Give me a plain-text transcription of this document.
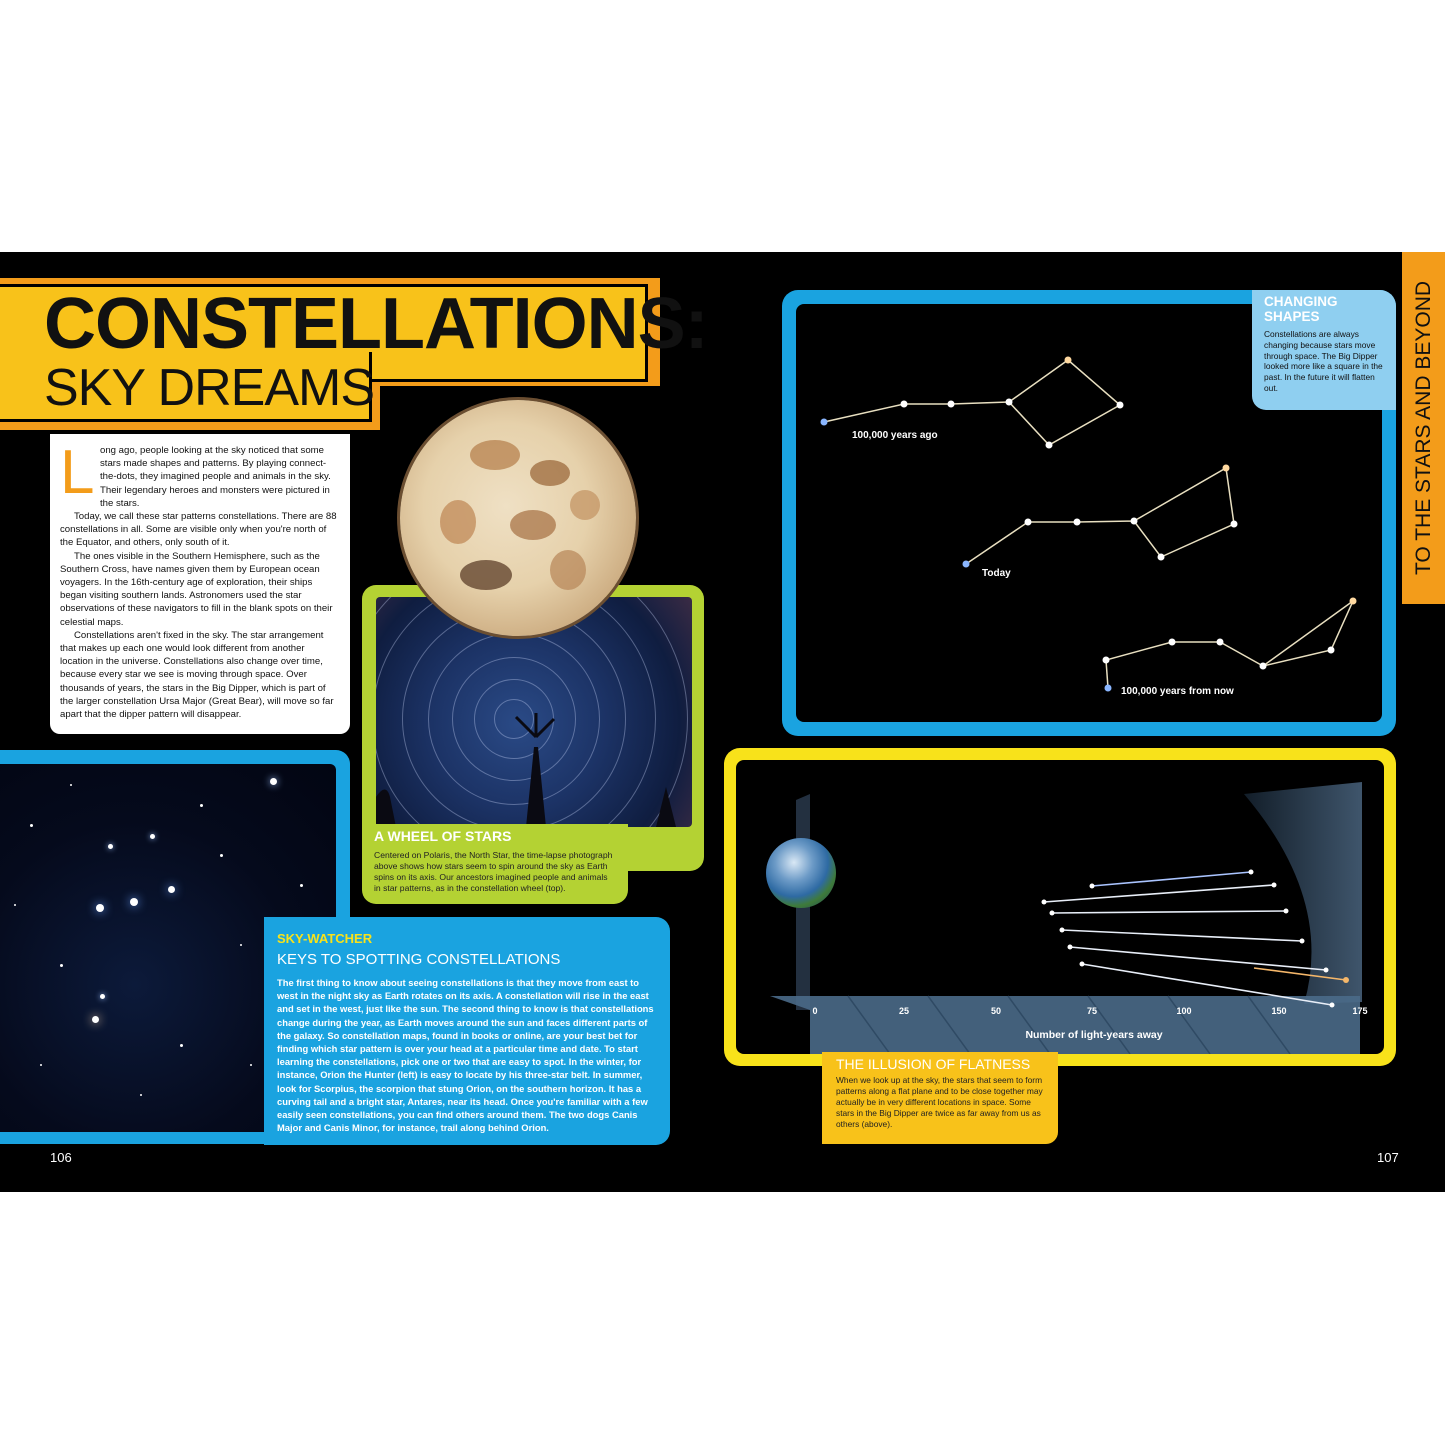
CONSTELLATIONS:
SKY DREAMS
L ong ago, people looking at the sky noticed that some stars made shapes and patterns. By playing connect-the-dots, they imagined people and animals in the sky. Their legendary heroes and monsters were pictured in the stars.

Today, we call these star patterns constellations. There are 88 constellations in all. Some are visible only when you're north of the Equator, and others, only south of it.

The ones visible in the Southern Hemisphere, such as the Southern Cross, have names given them by European ocean voyagers. In the 16th-century age of exploration, their ships began visiting southern lands. Astronomers used the star observations of these navigators to fill in the blank spots on their celestial maps.

Constellations aren't fixed in the sky. The star arrangement that makes up each one would look different from another location in the universe. Constellations also change over time, because every star we see is moving through space. Over thousands of years, the stars in the Big Dipper, which is part of the larger constellation Ursa Major (Great Bear), will move so far apart that the dipper pattern will disappear.

A WHEEL OF STARS
Centered on Polaris, the North Star, the time-lapse photograph above shows how stars seem to spin around the sky as Earth spins on its axis. Our ancestors imagined people and animals in star patterns, as in the constellation wheel (top).
SKY-WATCHER
KEYS TO SPOTTING CONSTELLATIONS
The first thing to know about seeing constellations is that they move from east to west in the night sky as Earth rotates on its axis. A constellation will rise in the east and set in the west, just like the sun. The second thing to know is that constellations change during the year, as Earth moves around the sun and faces different parts of the galaxy. So constellation maps, found in books or online, are your best bet for finding which star pattern is over your head at a particular time and date. To start learning the constellations, pick one or two that are easy to spot. In the winter, for instance, Orion the Hunter (left) is easy to locate by his three-star belt. In summer, look for Scorpius, the scorpion that stung Orion, on the southern horizon. It has a curving tail and a bright star, Antares, near its head. Once you're familiar with a few easily seen constellations, you can find others around them. The two dogs Canis Major and Canis Minor, for instance, trail along behind Orion.
106	107
100,000 years ago
Today
100,000 years from now
CHANGING SHAPES
Constellations are always changing because stars move through space. The Big Dipper looked more like a square in the past. In the future it will flatten out.	TO THE STARS AND BEYOND
0	25	50	75	100	150	175
Number of light-years away
THE ILLUSION OF FLATNESS
When we look up at the sky, the stars that seem to form patterns along a flat plane and to be close together may actually be in very different locations in space. Some stars in the Big Dipper are twice as far away from us as others (above).
